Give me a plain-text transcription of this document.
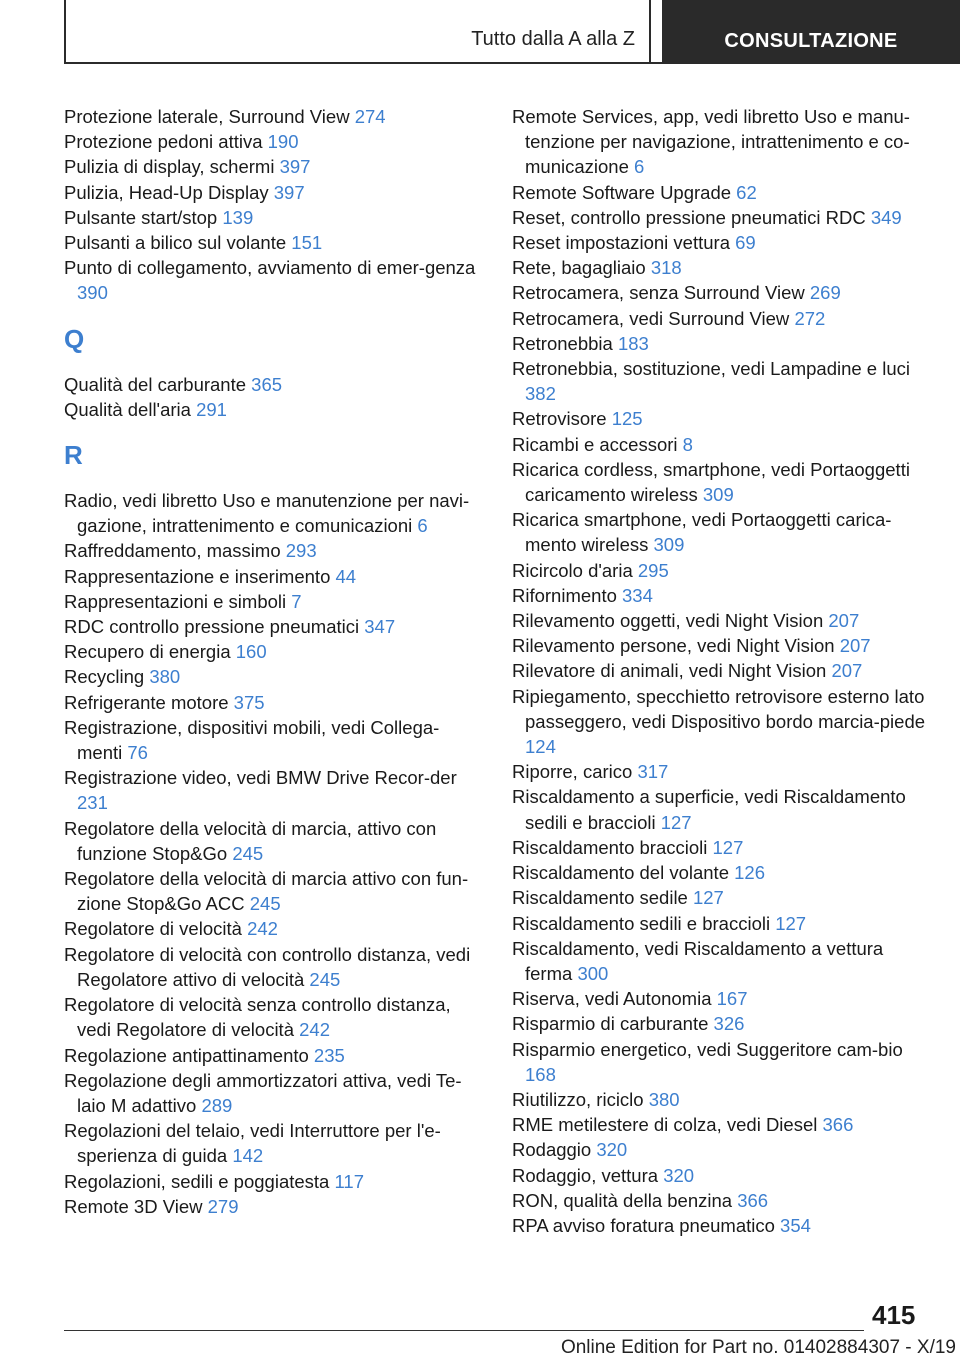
Tutto dalla A alla Z	CONSULTAZIONE
Protezione laterale, Surround View 274
Protezione pedoni attiva 190
Pulizia di display, schermi 397
Pulizia, Head-Up Display 397
Pulsante start/stop 139
Pulsanti a bilico sul volante 151
Punto di collegamento, avviamento di emer-genza 390
Q
Qualità del carburante 365
Qualità dell'aria 291
R
Radio, vedi libretto Uso e manutenzione per navi-gazione, intrattenimento e comunicazioni 6
Raffreddamento, massimo 293
Rappresentazione e inserimento 44
Rappresentazioni e simboli 7
RDC controllo pressione pneumatici 347
Recupero di energia 160
Recycling 380
Refrigerante motore 375
Registrazione, dispositivi mobili, vedi Collega-menti 76
Registrazione video, vedi BMW Drive Recor-der 231
Regolatore della velocità di marcia, attivo con funzione Stop&Go 245
Regolatore della velocità di marcia attivo con fun-zione Stop&Go ACC 245
Regolatore di velocità 242
Regolatore di velocità con controllo distanza, vedi Regolatore attivo di velocità 245
Regolatore di velocità senza controllo distanza, vedi Regolatore di velocità 242
Regolazione antipattinamento 235
Regolazione degli ammortizzatori attiva, vedi Te-laio M adattivo 289
Regolazioni del telaio, vedi Interruttore per l'e-sperienza di guida 142
Regolazioni, sedili e poggiatesta 117
Remote 3D View 279
Remote Services, app, vedi libretto Uso e manu-tenzione per navigazione, intrattenimento e co-municazione 6
Remote Software Upgrade 62
Reset, controllo pressione pneumatici RDC 349
Reset impostazioni vettura 69
Rete, bagagliaio 318
Retrocamera, senza Surround View 269
Retrocamera, vedi Surround View 272
Retronebbia 183
Retronebbia, sostituzione, vedi Lampadine e luci 382
Retrovisore 125
Ricambi e accessori 8
Ricarica cordless, smartphone, vedi Portaoggetti caricamento wireless 309
Ricarica smartphone, vedi Portaoggetti carica-mento wireless 309
Ricircolo d'aria 295
Rifornimento 334
Rilevamento oggetti, vedi Night Vision 207
Rilevamento persone, vedi Night Vision 207
Rilevatore di animali, vedi Night Vision 207
Ripiegamento, specchietto retrovisore esterno lato passeggero, vedi Dispositivo bordo marcia-piede 124
Riporre, carico 317
Riscaldamento a superficie, vedi Riscaldamento sedili e braccioli 127
Riscaldamento braccioli 127
Riscaldamento del volante 126
Riscaldamento sedile 127
Riscaldamento sedili e braccioli 127
Riscaldamento, vedi Riscaldamento a vettura ferma 300
Riserva, vedi Autonomia 167
Risparmio di carburante 326
Risparmio energetico, vedi Suggeritore cam-bio 168
Riutilizzo, riciclo 380
RME metilestere di colza, vedi Diesel 366
Rodaggio 320
Rodaggio, vettura 320
RON, qualità della benzina 366
RPA avviso foratura pneumatico 354
415
Online Edition for Part no. 01402884307 - X/19
